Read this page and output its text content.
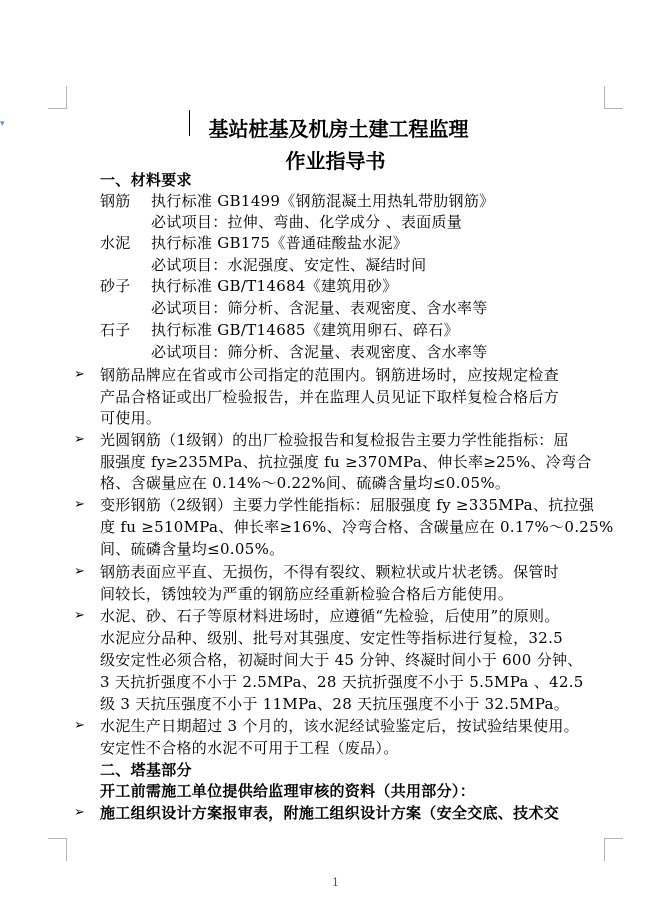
▾	基站桩基及机房土建工程监理
作业指导书
一、材料要求
钢筋 执行标准 GB1499《钢筋混凝土用热轧带肋钢筋》
必试项目：拉伸、弯曲、化学成分 、表面质量
水泥 执行标准 GB175《普通硅酸盐水泥》
必试项目：水泥强度、安定性、凝结时间
砂子 执行标准 GB/T14684《建筑用砂》
必试项目：筛分析、含泥量、表观密度、含水率等
石子 执行标准 GB/T14685《建筑用卵石、碎石》
必试项目：筛分析、含泥量、表观密度、含水率等
➢ 钢筋品牌应在省或市公司指定的范围内。钢筋进场时，应按规定检查
产品合格证或出厂检验报告，并在监理人员见证下取样复检合格后方
可使用。
➢ 光圆钢筋（1级钢）的出厂检验报告和复检报告主要力学性能指标：屈
服强度 fy≥235MPa、抗拉强度 fu ≥370MPa、伸长率≥25%、冷弯合
格、含碳量应在 0.14%～0.22%间、硫磷含量均≤0.05%。
➢ 变形钢筋（2级钢）主要力学性能指标：屈服强度 fy ≥335MPa、抗拉强
度 fu ≥510MPa、伸长率≥16%、冷弯合格、含碳量应在 0.17%～0.25%
间、硫磷含量均≤0.05%。
➢ 钢筋表面应平直、无损伤，不得有裂纹、颗粒状或片状老锈。保管时
间较长，锈蚀较为严重的钢筋应经重新检验合格后方能使用。
➢ 水泥、砂、石子等原材料进场时，应遵循“先检验，后使用”的原则。
水泥应分品种、级别、批号对其强度、安定性等指标进行复检，32.5
级安定性必须合格，初凝时间大于 45 分钟、终凝时间小于 600 分钟、
3 天抗折强度不小于 2.5MPa、28 天抗折强度不小于 5.5MPa 、42.5
级 3 天抗压强度不小于 11MPa、28 天抗压强度不小于 32.5MPa。
➢ 水泥生产日期超过 3 个月的，该水泥经试验鉴定后，按试验结果使用。
安定性不合格的水泥不可用于工程（废品）。
二、塔基部分
开工前需施工单位提供给监理审核的资料（共用部分）：
➢ 施工组织设计方案报审表，附施工组织设计方案（安全交底、技术交
1
